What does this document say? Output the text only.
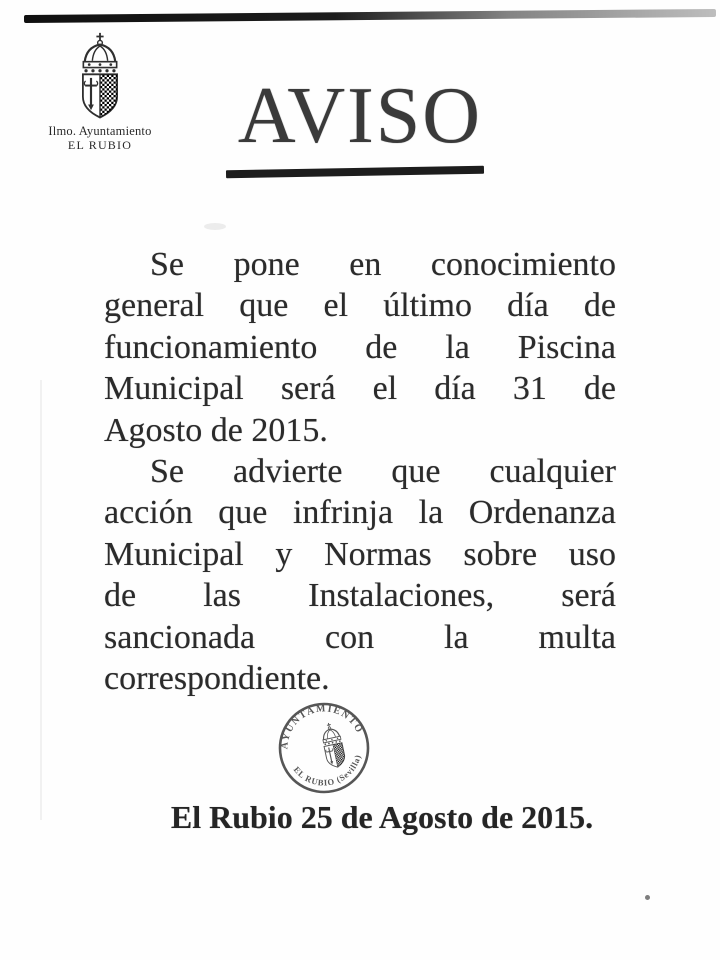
Ilmo. Ayuntamiento
EL RUBIO	AVISO
Se pone en conocimiento
general que el último día de
funcionamiento de la Piscina
Municipal será el día 31 de
Agosto de 2015.
Se advierte que cualquier
acción que infrinja la Ordenanza
Municipal y Normas sobre uso
de las Instalaciones, será
sancionada con la multa
correspondiente.
AYUNTAMIENTO
EL RUBIO (Sevilla)
El Rubio 25 de Agosto de 2015.
